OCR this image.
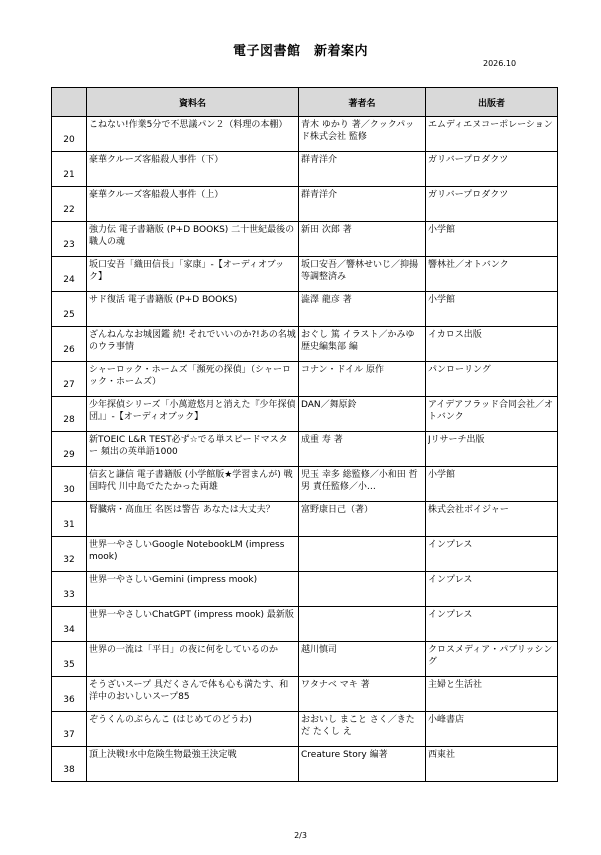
電子図書館　新着案内
2026.10
	資料名	著者名	出版者

20	こねない!作業5分で不思議パン２（料理の本棚）	青木 ゆかり 著／クックパッド株式会社 監修	エムディエヌコーポレーション

21	豪華クルーズ客船殺人事件（下）	群青洋介	ガリバープロダクツ

22	豪華クルーズ客船殺人事件（上）	群青洋介	ガリバープロダクツ

23	強力伝 電子書籍版 (P+D BOOKS) 二十世紀最後の職人の魂	新田 次郎 著	小学館

24	坂口安吾「織田信長」「家康」-【オーディオブック】	坂口安吾／響林せいじ／抑揚等調整済み	響林社／オトバンク

25	サド復活 電子書籍版 (P+D BOOKS)	澁澤 龍彦 著	小学館

26	ざんねんなお城図鑑 続! それでいいのか?!あの名城のウラ事情	おぐし 篤 イラスト／かみゆ歴史編集部 編	イカロス出版

27	シャーロック・ホームズ「瀕死の探偵」（シャーロック・ホームズ）	コナン・ドイル 原作	パンローリング

28	少年探偵シリーズ「小萬遊悠月と消えた『少年探偵団』」-【オーディオブック】	DAN／舞原鈴	アイデアフラッド合同会社／オトバンク

29	新TOEIC L&R TEST必ず☆でる単スピードマスター 頻出の英単語1000	成重 寿 著	Jリサーチ出版

30	信玄と謙信 電子書籍版 (小学館版★学習まんが) 戦国時代 川中島でたたかった両雄	児玉 幸多 総監修／小和田 哲男 責任監修／小…	小学館

31	腎臓病・高血圧 名医は警告 あなたは大丈夫？	富野康日己（著）	株式会社ボイジャー

32	世界一やさしいGoogle NotebookLM (impress mook)		インプレス

33	世界一やさしいGemini (impress mook)		インプレス

34	世界一やさしいChatGPT (impress mook) 最新版		インプレス

35	世界の一流は「平日」の夜に何をしているのか	越川慎司	クロスメディア・パブリッシング

36	そうざいスープ 具だくさんで体も心も満たす、和洋中のおいしいスープ85	ワタナベ マキ 著	主婦と生活社

37	ぞうくんのぶらんこ (はじめてのどうわ)	おおいし まこと さく／きただ たくし え	小峰書店

38	頂上決戦!水中危険生物最強王決定戦	Creature Story 編著	西東社
2/3
